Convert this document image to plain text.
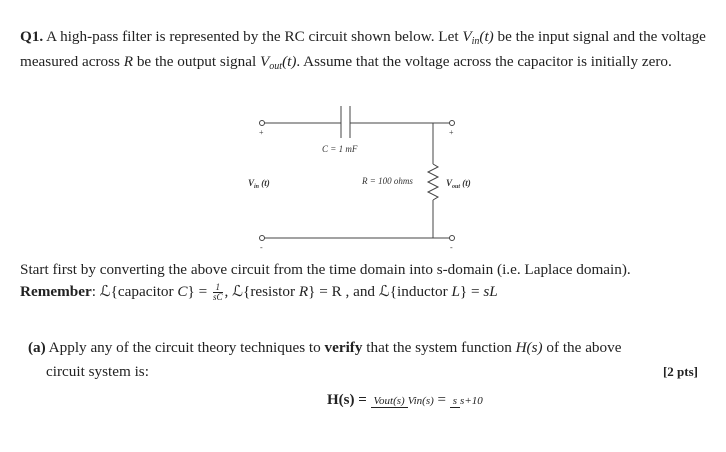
Q1. A high-pass filter is represented by the RC circuit shown below. Let $V_{in}(t)$ be the input signal and the voltage measured across R be the output signal $V_{out}(t)$. Assume that the voltage across the capacitor is initially zero.
+	+
-	-
C = 1 mF
R = 100 ohms
$V_{in}$ (t)	$V_{out}$ (t)
Start first by converting the above circuit from the time domain into s-domain (i.e. Laplace domain).
Remember: ℒ{capacitor $C\} = \frac{1}{sC}$ , ℒ{resistor R} = R , and ℒ{inductor L} = sL
(a) Apply any of the circuit theory techniques to verify that the system function H(s) of the above
circuit system is:	[2 pts]
H(s) = Vout(s) Vin(s) = s s+10
